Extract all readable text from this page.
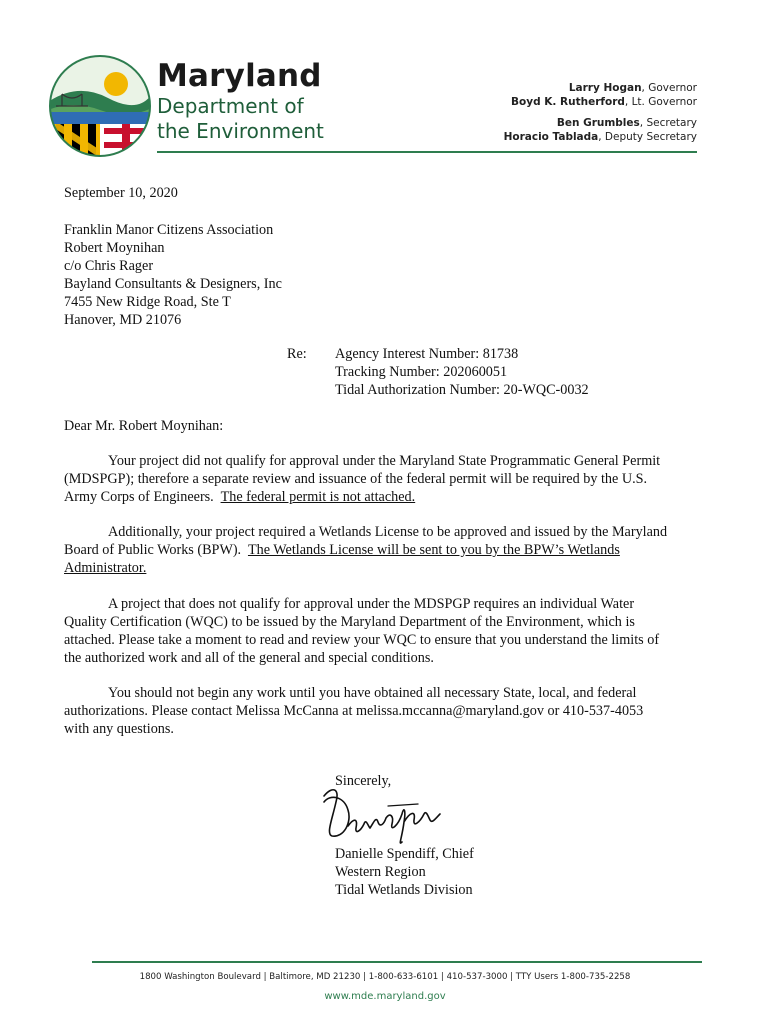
Maryland
Department of
the Environment
Larry Hogan, Governor
Boyd K. Rutherford, Lt. Governor
Ben Grumbles, Secretary
Horacio Tablada, Deputy Secretary
September 10, 2020
Franklin Manor Citizens Association
Robert Moynihan
c/o Chris Rager
Bayland Consultants & Designers, Inc
7455 New Ridge Road, Ste T
Hanover, MD 21076
Re: Agency Interest Number: 81738
Tracking Number: 202060051
Tidal Authorization Number: 20-WQC-0032
Dear Mr. Robert Moynihan:
Your project did not qualify for approval under the Maryland State Programmatic General Permit
(MDSPGP); therefore a separate review and issuance of the federal permit will be required by the U.S.
Army Corps of Engineers.  The federal permit is not attached.
Additionally, your project required a Wetlands License to be approved and issued by the Maryland
Board of Public Works (BPW).  The Wetlands License will be sent to you by the BPW’s Wetlands
Administrator.
A project that does not qualify for approval under the MDSPGP requires an individual Water
Quality Certification (WQC) to be issued by the Maryland Department of the Environment, which is
attached. Please take a moment to read and review your WQC to ensure that you understand the limits of
the authorized work and all of the general and special conditions.
You should not begin any work until you have obtained all necessary State, local, and federal
authorizations. Please contact Melissa McCanna at melissa.mccanna@maryland.gov or 410-537-4053
with any questions.
Sincerely,
Danielle Spendiff, Chief
Western Region
Tidal Wetlands Division
1800 Washington Boulevard | Baltimore, MD 21230 | 1-800-633-6101 | 410-537-3000 | TTY Users 1-800-735-2258
www.mde.maryland.gov
